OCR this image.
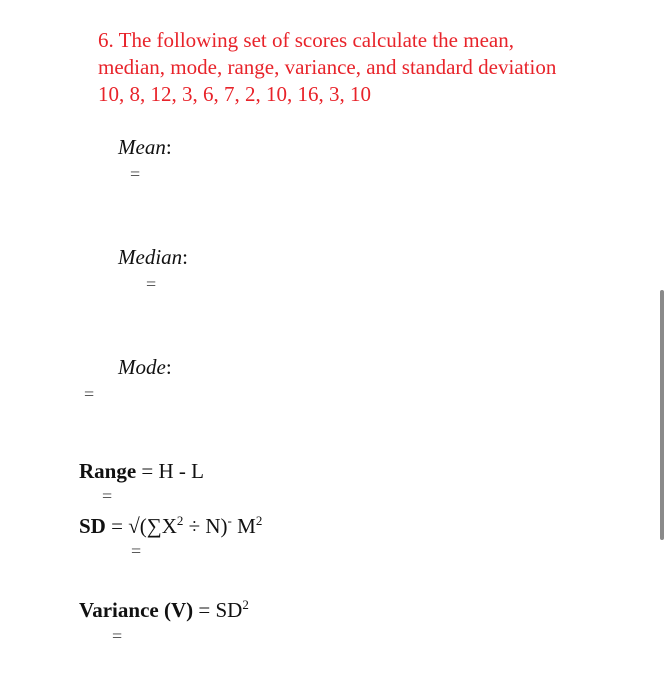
6. The following set of scores calculate the mean, median, mode, range, variance, and standard deviation 10, 8, 12, 3, 6, 7, 2, 10, 16, 3, 10
Mean:
=
Median:
=
Mode:
=
Range = H - L
=
SD = $√(\sum X^2 \div N)^-$ $M^2$
=
Variance $(V) = SD^2$
=
